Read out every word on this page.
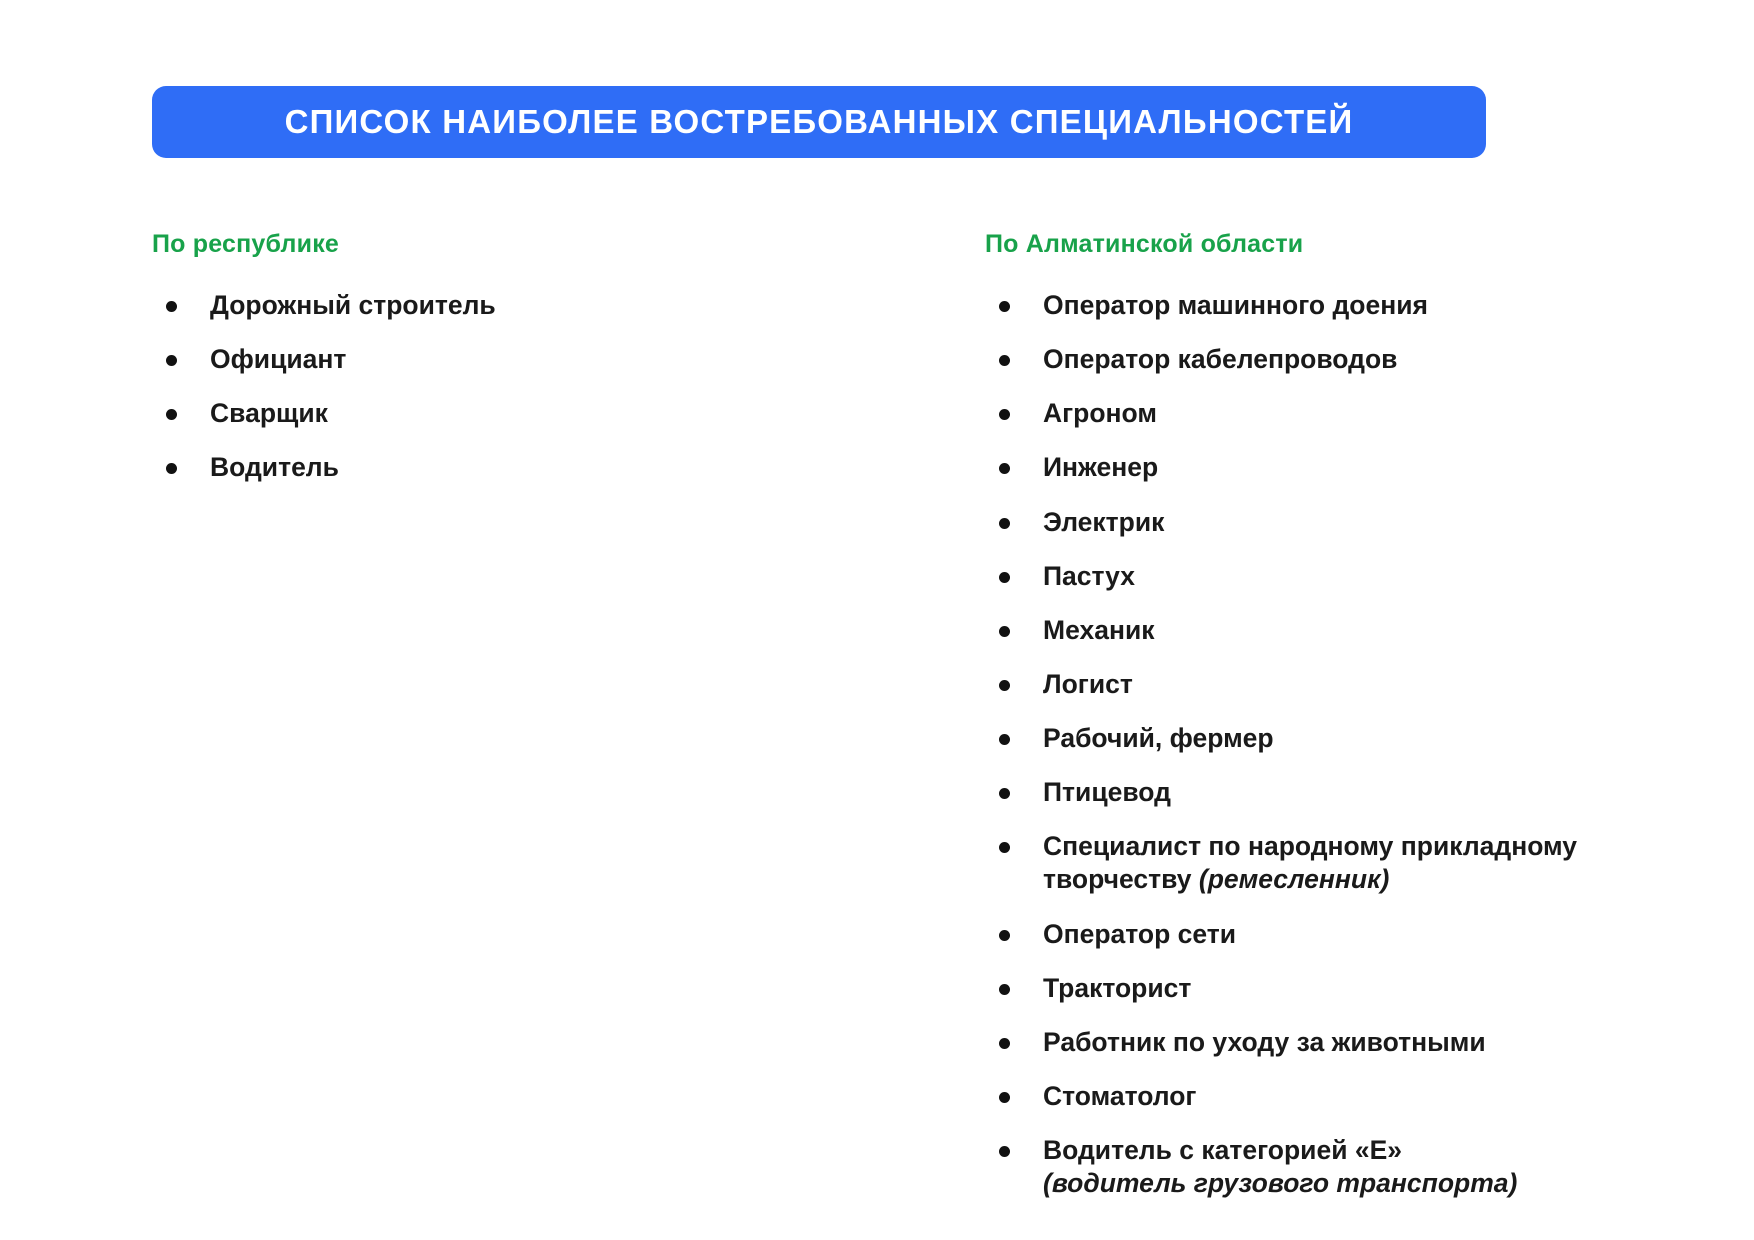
СПИСОК НАИБОЛЕЕ ВОСТРЕБОВАННЫХ СПЕЦИАЛЬНОСТЕЙ
По республике
Дорожный строитель
Официант
Сварщик
Водитель
По Алматинской области
Оператор машинного доения
Оператор кабелепроводов
Агроном
Инженер
Электрик
Пастух
Механик
Логист
Рабочий, фермер
Птицевод
Специалист по народному прикладному творчеству (ремесленник)
Оператор сети
Тракторист
Работник по уходу за животными
Стоматолог
Водитель с категорией «Е»
(водитель грузового транспорта)
